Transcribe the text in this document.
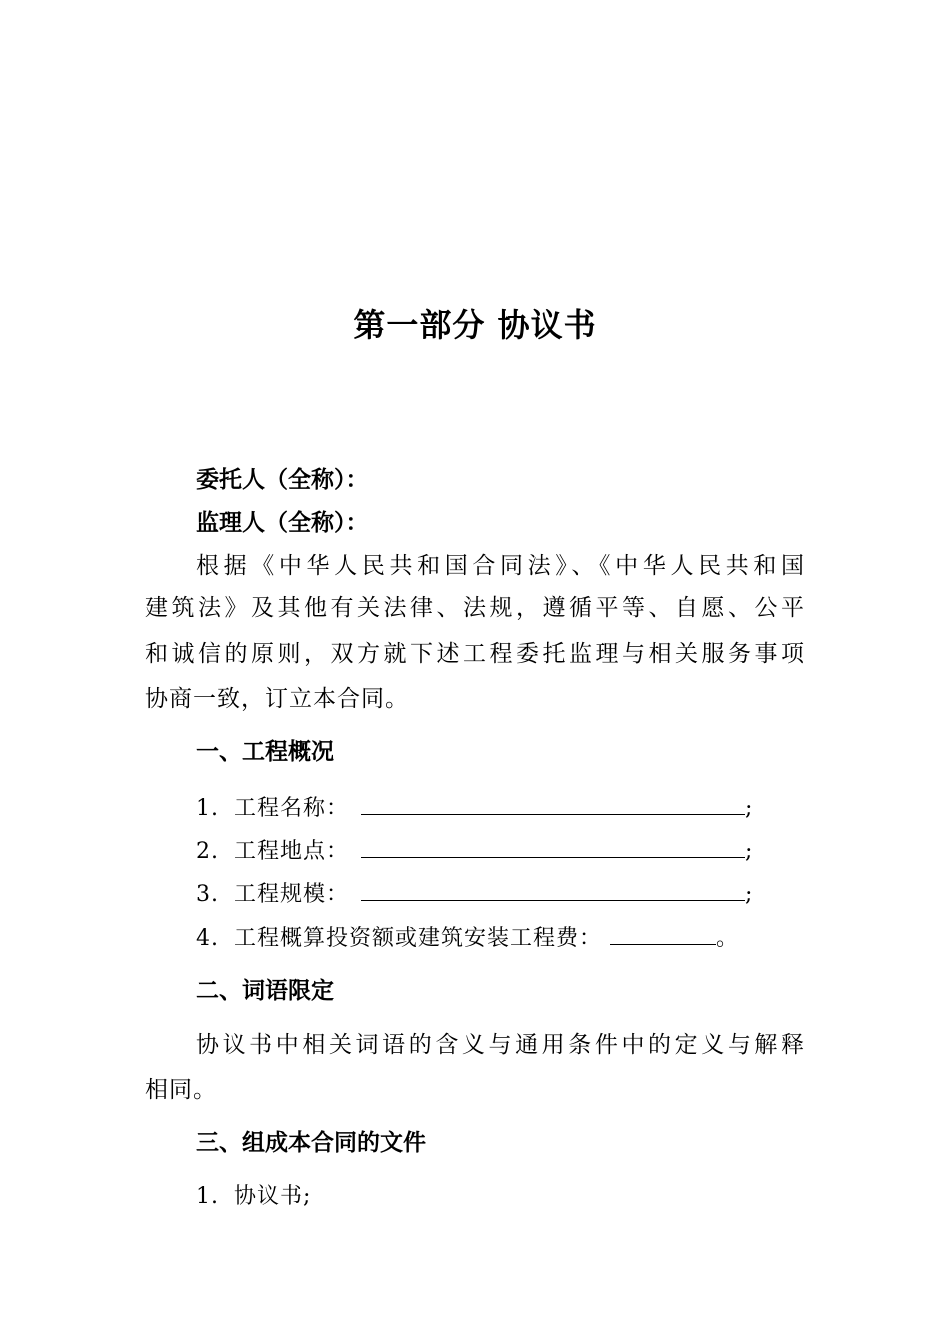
第一部分 协议书
委托人（全称）：
监理人（全称）：
根据《中华人民共和国合同法》、《中华人民共和国
建筑法》及其他有关法律、法规，遵循平等、自愿、公平
和诚信的原则，双方就下述工程委托监理与相关服务事项
协商一致，订立本合同。
一、工程概况
1. 工程名称：	;
2. 工程地点：	;
3. 工程规模：	;
4. 工程概算投资额或建筑安装工程费：	。
二、词语限定
协议书中相关词语的含义与通用条件中的定义与解释
相同。
三、组成本合同的文件
1. 协议书;
